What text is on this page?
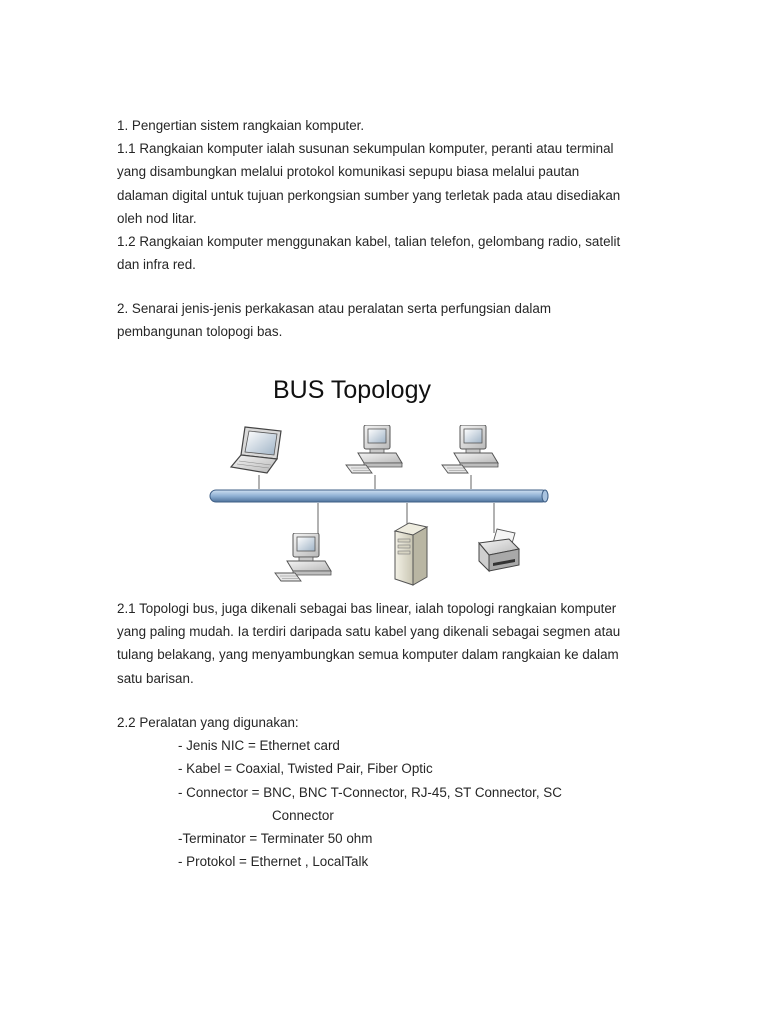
1. Pengertian sistem rangkaian komputer.

1.1 Rangkaian komputer ialah susunan sekumpulan komputer, peranti atau terminal

yang disambungkan melalui protokol komunikasi sepupu biasa melalui pautan

dalaman digital untuk tujuan perkongsian sumber yang terletak pada atau disediakan

oleh nod litar.

1.2 Rangkaian komputer menggunakan kabel, talian telefon, gelombang radio, satelit

dan infra red.

2. Senarai jenis-jenis perkakasan atau peralatan serta perfungsian dalam

pembangunan tolopogi bas.

BUS Topology

2.1 Topologi bus, juga dikenali sebagai bas linear, ialah topologi rangkaian komputer

yang paling mudah. Ia terdiri daripada satu kabel yang dikenali sebagai segmen atau

tulang belakang, yang menyambungkan semua komputer dalam rangkaian ke dalam

satu barisan.

2.2 Peralatan yang digunakan:

- Jenis NIC = Ethernet card

- Kabel = Coaxial, Twisted Pair, Fiber Optic

- Connector = BNC, BNC T-Connector, RJ-45, ST Connector, SC

Connector

-Terminator = Terminater 50 ohm

- Protokol = Ethernet , LocalTalk
